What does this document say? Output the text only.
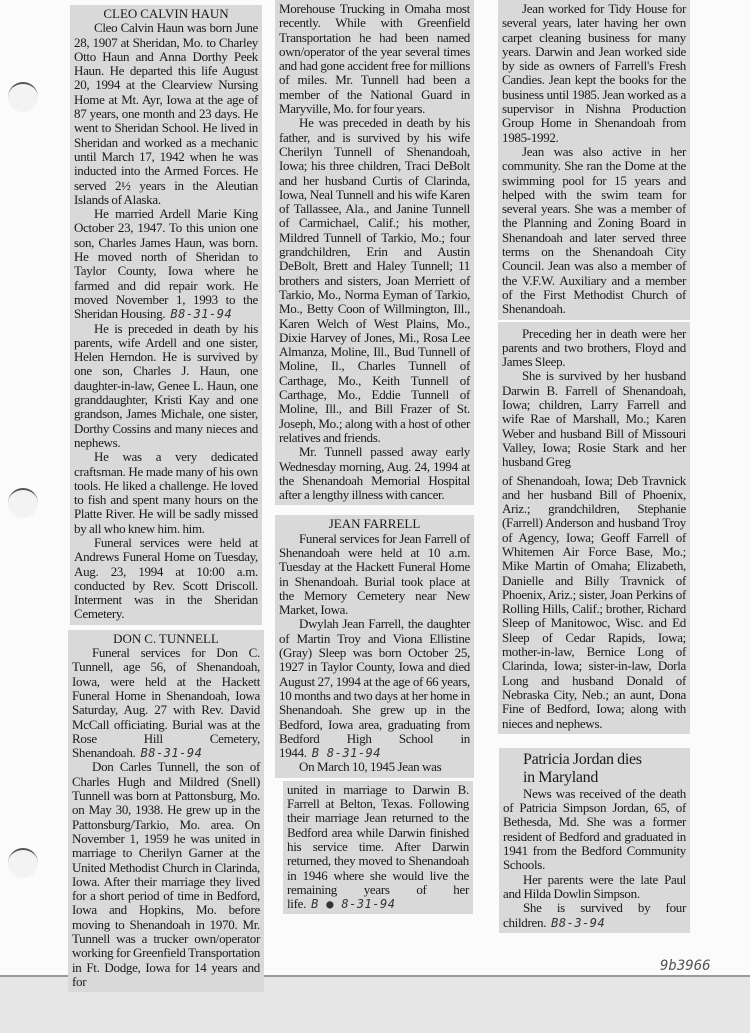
CLEO CALVIN HAUN

Cleo Calvin Haun was born June 28, 1907 at Sheridan, Mo. to Charley Otto Haun and Anna Dorthy Peek Haun. He departed this life August 20, 1994 at the Clearview Nursing Home at Mt. Ayr, Iowa at the age of 87 years, one month and 23 days. He went to Sheridan School. He lived in Sheridan and worked as a mechanic until March 17, 1942 when he was inducted into the Armed Forces. He served 2½ years in the Aleutian Islands of Alaska.

He married Ardell Marie King October 23, 1947. To this union one son, Charles James Haun, was born. He moved north of Sheridan to Taylor County, Iowa where he farmed and did repair work. He moved November 1, 1993 to the Sheridan Housing. B8-31-94

He is preceded in death by his parents, wife Ardell and one sister, Helen Herndon. He is survived by one son, Charles J. Haun, one daughter-in-law, Genee L. Haun, one granddaughter, Kristi Kay and one grandson, James Michale, one sister, Dorthy Cossins and many nieces and nephews.

He was a very dedicated craftsman. He made many of his own tools. He liked a challenge. He loved to fish and spent many hours on the Platte River. He will be sadly missed by all who knew him. him.

Funeral services were held at Andrews Funeral Home on Tuesday, Aug. 23, 1994 at 10:00 a.m. conducted by Rev. Scott Driscoll. Interment was in the Sheridan Cemetery.

DON C. TUNNELL

Funeral services for Don C. Tunnell, age 56, of Shenandoah, Iowa, were held at the Hackett Funeral Home in Shenandoah, Iowa Saturday, Aug. 27 with Rev. David McCall officiating. Burial was at the Rose Hill Cemetery, Shenandoah. B8-31-94

Don Carles Tunnell, the son of Charles Hugh and Mildred (Snell) Tunnell was born at Pattonsburg, Mo. on May 30, 1938. He grew up in the Pattonsburg/Tarkio, Mo. area. On November 1, 1959 he was united in marriage to Cherilyn Garner at the United Methodist Church in Clarinda, Iowa. After their marriage they lived for a short period of time in Bedford, Iowa and Hopkins, Mo. before moving to Shenandoah in 1970. Mr. Tunnell was a trucker own/operator working for Greenfield Transportation in Ft. Dodge, Iowa for 14 years and for

Morehouse Trucking in Omaha most recently. While with Greenfield Transportation he had been named own/operator of the year several times and had gone accident free for millions of miles. Mr. Tunnell had been a member of the National Guard in Maryville, Mo. for four years.

He was preceded in death by his father, and is survived by his wife Cherilyn Tunnell of Shenandoah, Iowa; his three children, Traci DeBolt and her husband Curtis of Clarinda, Iowa, Neal Tunnell and his wife Karen of Tallassee, Ala., and Janine Tunnell of Carmichael, Calif.; his mother, Mildred Tunnell of Tarkio, Mo.; four grandchildren, Erin and Austin DeBolt, Brett and Haley Tunnell; 11 brothers and sisters, Joan Merriett of Tarkio, Mo., Norma Eyman of Tarkio, Mo., Betty Coon of Willmington, Ill., Karen Welch of West Plains, Mo., Dixie Harvey of Jones, Mi., Rosa Lee Almanza, Moline, Ill., Bud Tunnell of Moline, Il., Charles Tunnell of Carthage, Mo., Keith Tunnell of Carthage, Mo., Eddie Tunnell of Moline, Ill., and Bill Frazer of St. Joseph, Mo.; along with a host of other relatives and friends.

Mr. Tunnell passed away early Wednesday morning, Aug. 24, 1994 at the Shenandoah Memorial Hospital after a lengthy illness with cancer.

JEAN FARRELL

Funeral services for Jean Farrell of Shenandoah were held at 10 a.m. Tuesday at the Hackett Funeral Home in Shenandoah. Burial took place at the Memory Cemetery near New Market, Iowa.

Dwylah Jean Farrell, the daughter of Martin Troy and Viona Ellistine (Gray) Sleep was born October 25, 1927 in Taylor County, Iowa and died August 27, 1994 at the age of 66 years, 10 months and two days at her home in Shenandoah. She grew up in the Bedford, Iowa area, graduating from Bedford High School in 1944. B 8-31-94

On March 10, 1945 Jean was

united in marriage to Darwin B. Farrell at Belton, Texas. Following their marriage Jean returned to the Bedford area while Darwin finished his service time. After Darwin returned, they moved to Shenandoah in 1946 where she would live the remaining years of her life. B ● 8-31-94

Jean worked for Tidy House for several years, later having her own carpet cleaning business for many years. Darwin and Jean worked side by side as owners of Farrell's Fresh Candies. Jean kept the books for the business until 1985. Jean worked as a supervisor in Nishna Production Group Home in Shenandoah from 1985-1992.

Jean was also active in her community. She ran the Dome at the swimming pool for 15 years and helped with the swim team for several years. She was a member of the Planning and Zoning Board in Shenandoah and later served three terms on the Shenandoah City Council. Jean was also a member of the V.F.W. Auxiliary and a member of the First Methodist Church of Shenandoah.

Preceding her in death were her parents and two brothers, Floyd and James Sleep.

She is survived by her husband Darwin B. Farrell of Shenandoah, Iowa; children, Larry Farrell and wife Rae of Marshall, Mo.; Karen Weber and husband Bill of Missouri Valley, Iowa; Rosie Stark and her husband Greg

of Shenandoah, Iowa; Deb Travnick and her husband Bill of Phoenix, Ariz.; grandchildren, Stephanie (Farrell) Anderson and husband Troy of Agency, Iowa; Geoff Farrell of Whitemen Air Force Base, Mo.; Mike Martin of Omaha; Elizabeth, Danielle and Billy Travnick of Phoenix, Ariz.; sister, Joan Perkins of Rolling Hills, Calif.; brother, Richard Sleep of Manitowoc, Wisc. and Ed Sleep of Cedar Rapids, Iowa; mother-in-law, Bernice Long of Clarinda, Iowa; sister-in-law, Dorla Long and husband Donald of Nebraska City, Neb.; an aunt, Dona Fine of Bedford, Iowa; along with nieces and nephews.

Patricia Jordan dies
in Maryland

News was received of the death of Patricia Simpson Jordan, 65, of Bethesda, Md. She was a former resident of Bedford and graduated in 1941 from the Bedford Community Schools.

Her parents were the late Paul and Hilda Dowlin Simpson.

She is survived by four children. B8-3-94

9b3966
